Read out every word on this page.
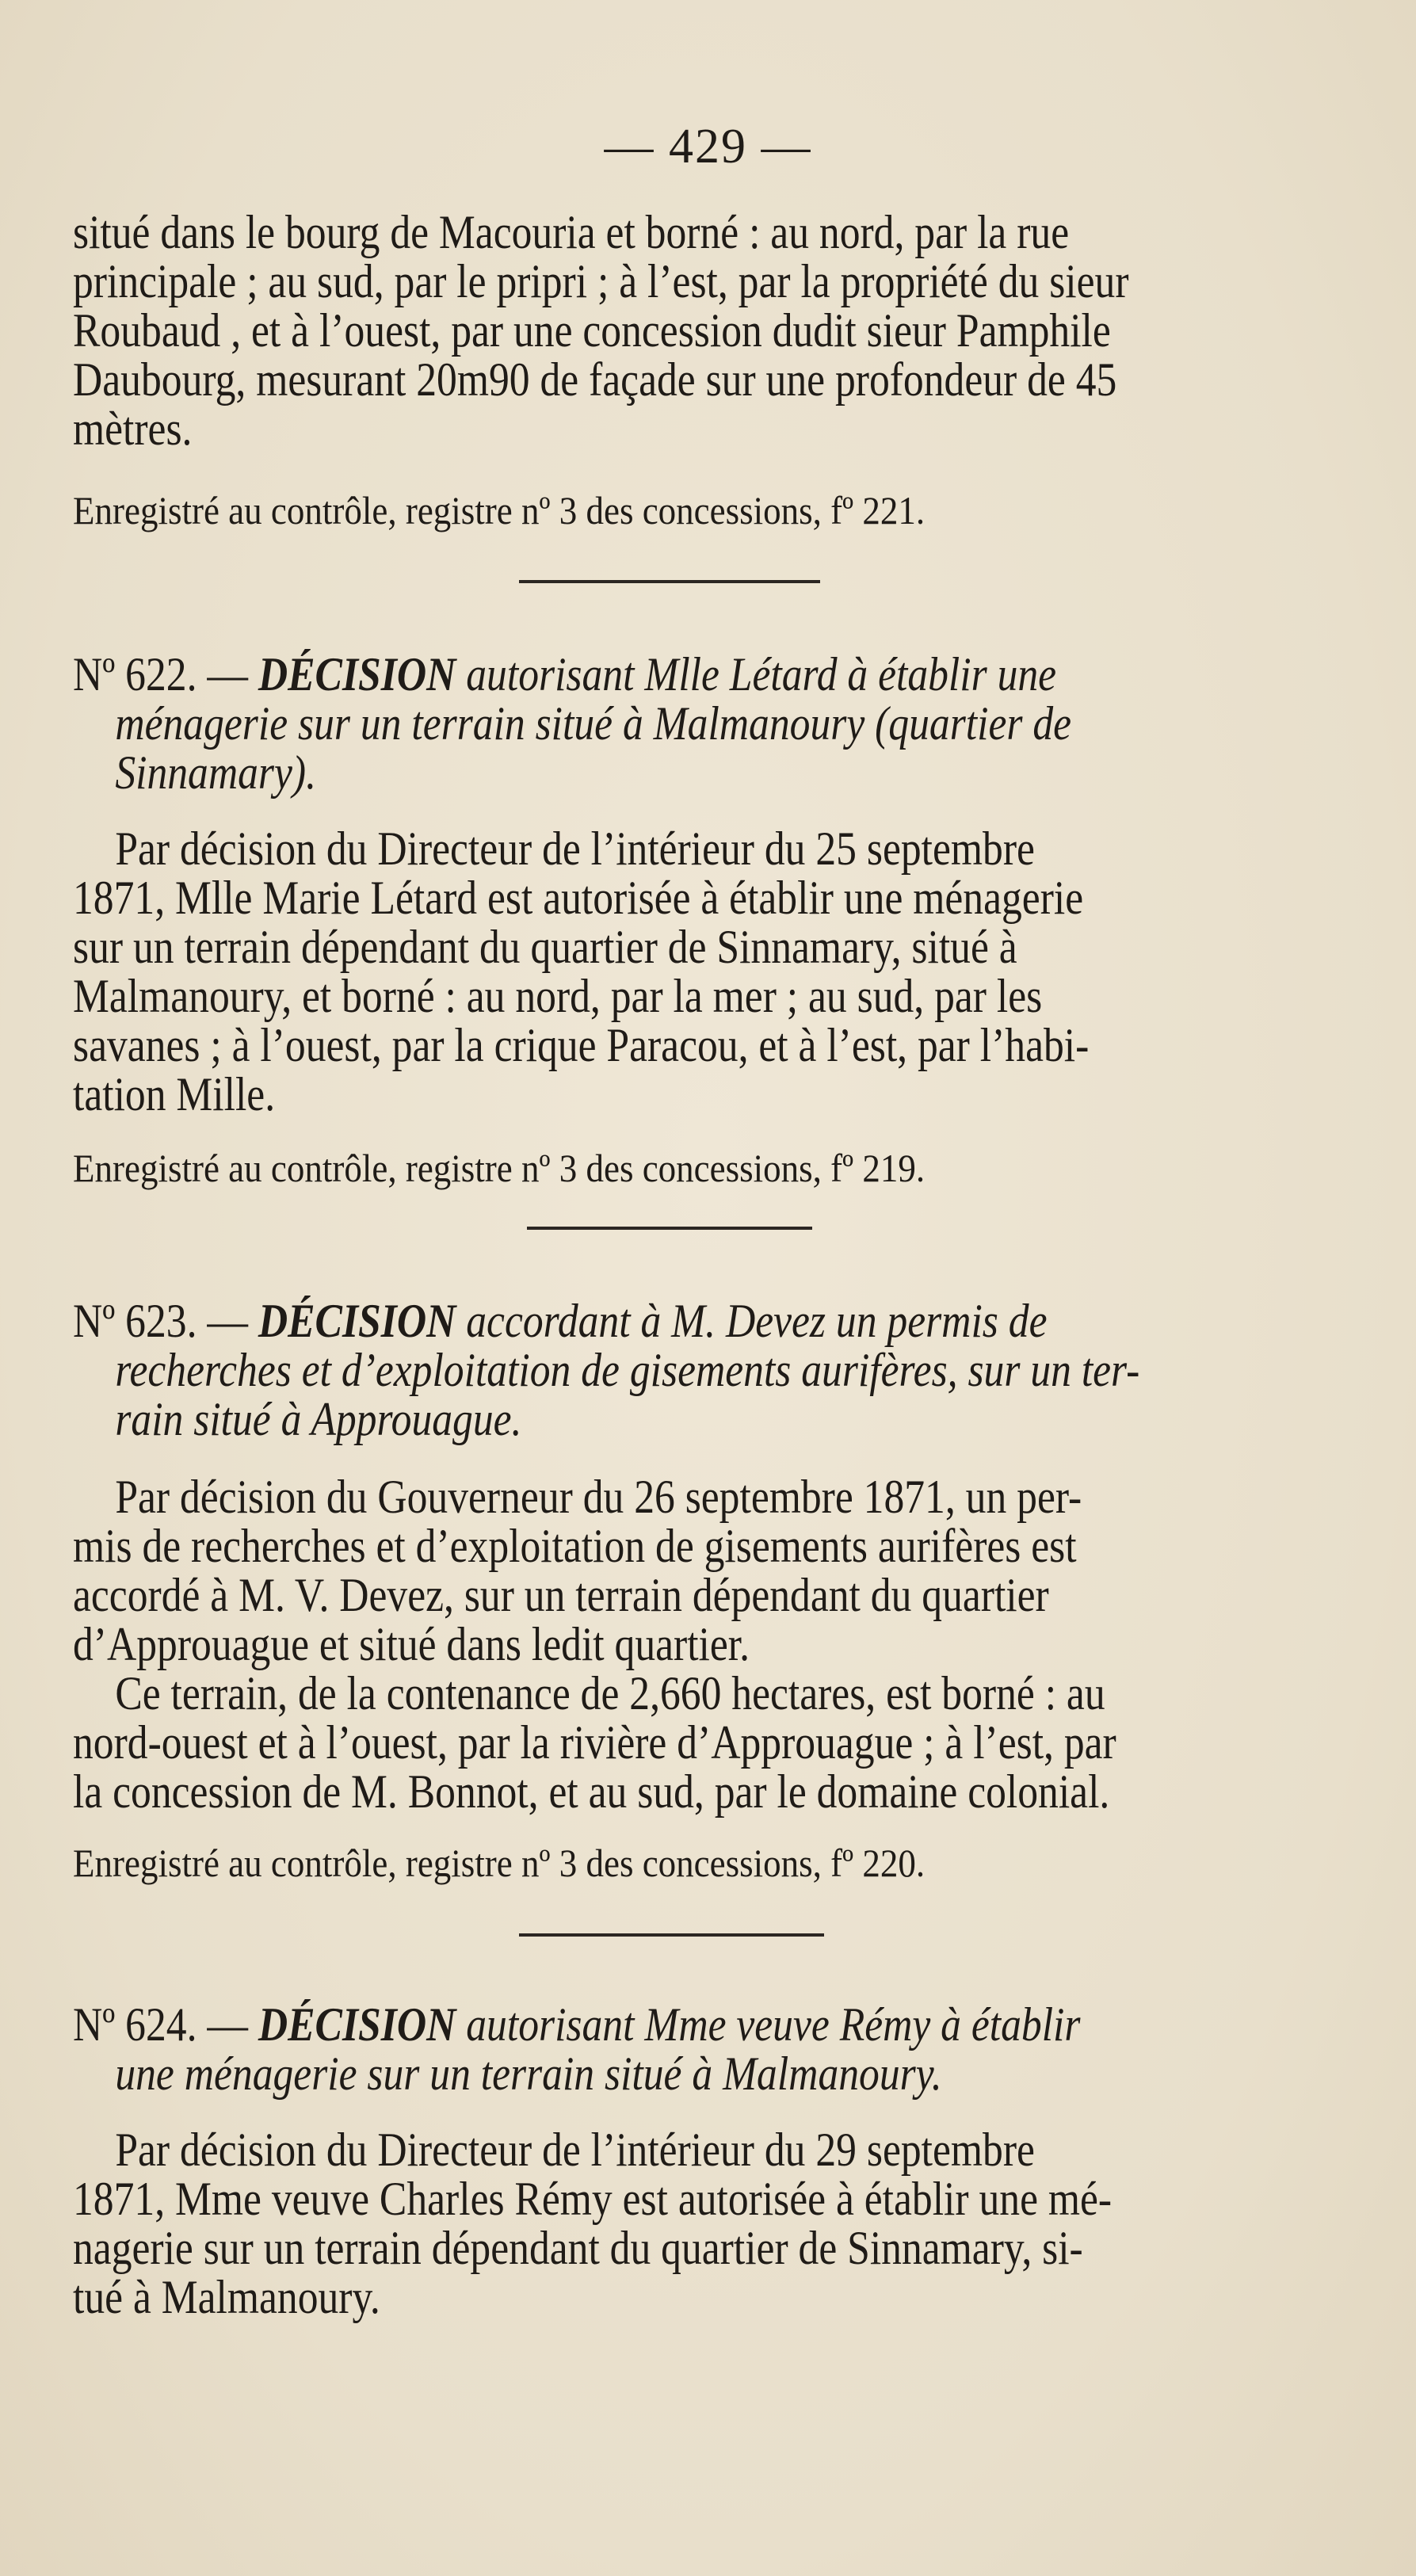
— 429 —
situé dans le bourg de Macouria et borné : au nord, par la rue
principale ; au sud, par le pripri ; à l’est, par la propriété du sieur
Roubaud , et à l’ouest, par une concession dudit sieur Pamphile
Daubourg, mesurant 20m90 de façade sur une profondeur de 45
mètres.
Enregistré au contrôle, registre nº 3 des concessions, fº 221.
Nº 622. — DÉCISION autorisant Mlle Létard à établir une
ménagerie sur un terrain situé à Malmanoury (quartier de
Sinnamary).
Par décision du Directeur de l’intérieur du 25 septembre
1871, Mlle Marie Létard est autorisée à établir une ménagerie
sur un terrain dépendant du quartier de Sinnamary, situé à
Malmanoury, et borné : au nord, par la mer ; au sud, par les
savanes ; à l’ouest, par la crique Paracou, et à l’est, par l’habi-
tation Mille.
Enregistré au contrôle, registre nº 3 des concessions, fº 219.
Nº 623. — DÉCISION accordant à M. Devez un permis de
recherches et d’exploitation de gisements aurifères, sur un ter-
rain situé à Approuague.
Par décision du Gouverneur du 26 septembre 1871, un per-
mis de recherches et d’exploitation de gisements aurifères est
accordé à M. V. Devez, sur un terrain dépendant du quartier
d’Approuague et situé dans ledit quartier.
Ce terrain, de la contenance de 2,660 hectares, est borné : au
nord-ouest et à l’ouest, par la rivière d’Approuague ; à l’est, par
la concession de M. Bonnot, et au sud, par le domaine colonial.
Enregistré au contrôle, registre nº 3 des concessions, fº 220.
Nº 624. — DÉCISION autorisant Mme veuve Rémy à établir
une ménagerie sur un terrain situé à Malmanoury.
Par décision du Directeur de l’intérieur du 29 septembre
1871, Mme veuve Charles Rémy est autorisée à établir une mé-
nagerie sur un terrain dépendant du quartier de Sinnamary, si-
tué à Malmanoury.
